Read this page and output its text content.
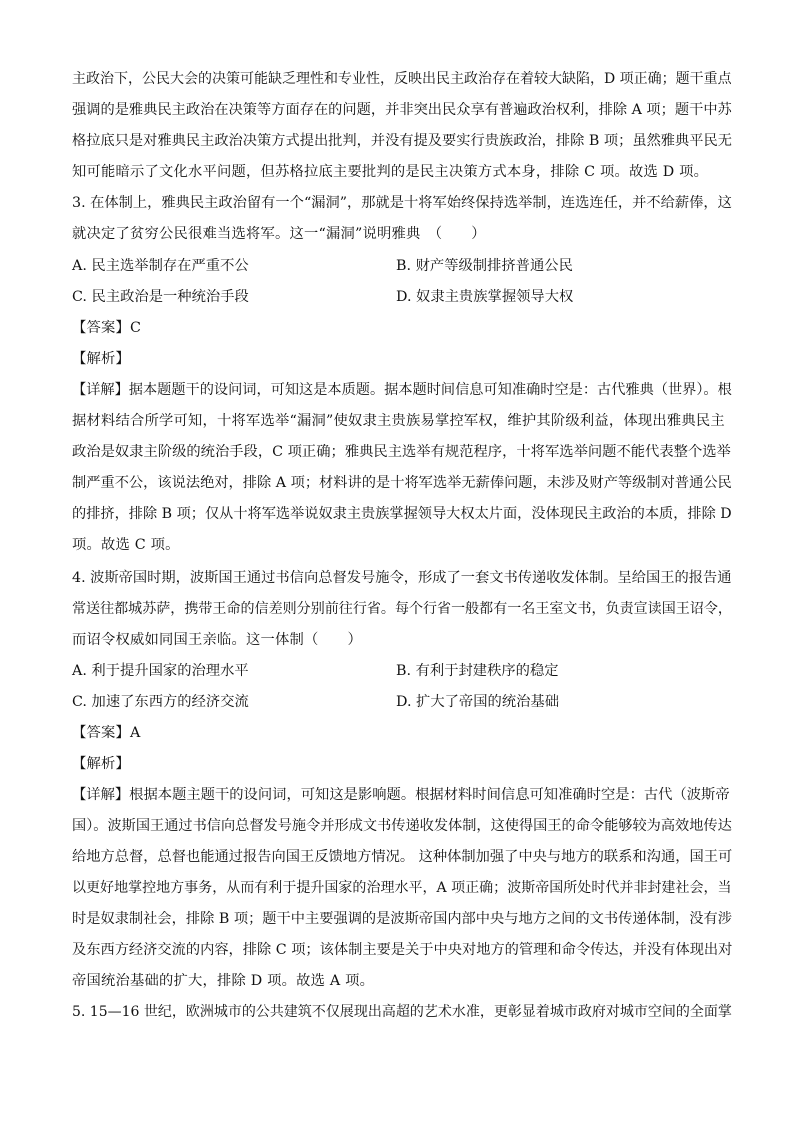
主政治下，公民大会的决策可能缺乏理性和专业性，反映出民主政治存在着较大缺陷，D 项正确；题干重点
强调的是雅典民主政治在决策等方面存在的问题，并非突出民众享有普遍政治权利，排除 A 项；题干中苏
格拉底只是对雅典民主政治决策方式提出批判，并没有提及要实行贵族政治，排除 B 项；虽然雅典平民无
知可能暗示了文化水平问题，但苏格拉底主要批判的是民主决策方式本身，排除 C 项。故选 D 项。
3. 在体制上，雅典民主政治留有一个“漏洞”，那就是十将军始终保持选举制，连选连任，并不给薪俸，这
就决定了贫穷公民很难当选将军。这一“漏洞”说明雅典　（　　）
A. 民主选举制存在严重不公	B. 财产等级制排挤普通公民
C. 民主政治是一种统治手段	D. 奴隶主贵族掌握领导大权
【答案】C
【解析】
【详解】据本题题干的设问词，可知这是本质题。据本题时间信息可知准确时空是：古代雅典（世界）。根
据材料结合所学可知，十将军选举“漏洞”使奴隶主贵族易掌控军权，维护其阶级利益，体现出雅典民主
政治是奴隶主阶级的统治手段，C 项正确；雅典民主选举有规范程序，十将军选举问题不能代表整个选举
制严重不公，该说法绝对，排除 A 项；材料讲的是十将军选举无薪俸问题，未涉及财产等级制对普通公民
的排挤，排除 B 项；仅从十将军选举说奴隶主贵族掌握领导大权太片面，没体现民主政治的本质，排除 D
项。故选 C 项。
4. 波斯帝国时期，波斯国王通过书信向总督发号施令，形成了一套文书传递收发体制。呈给国王的报告通
常送往都城苏萨，携带王命的信差则分别前往行省。每个行省一般都有一名王室文书，负责宣读国王诏令，
而诏令权威如同国王亲临。这一体制（　　）
A. 利于提升国家的治理水平	B. 有利于封建秩序的稳定
C. 加速了东西方的经济交流	D. 扩大了帝国的统治基础
【答案】A
【解析】
【详解】根据本题主题干的设问词，可知这是影响题。根据材料时间信息可知准确时空是：古代（波斯帝
国）。波斯国王通过书信向总督发号施令并形成文书传递收发体制，这使得国王的命令能够较为高效地传达
给地方总督，总督也能通过报告向国王反馈地方情况。 这种体制加强了中央与地方的联系和沟通，国王可
以更好地掌控地方事务，从而有利于提升国家的治理水平，A 项正确；波斯帝国所处时代并非封建社会，当
时是奴隶制社会，排除 B 项；题干中主要强调的是波斯帝国内部中央与地方之间的文书传递体制，没有涉
及东西方经济交流的内容，排除 C 项；该体制主要是关于中央对地方的管理和命令传达，并没有体现出对
帝国统治基础的扩大，排除 D 项。故选 A 项。
5. 15—16 世纪，欧洲城市的公共建筑不仅展现出高超的艺术水准，更彰显着城市政府对城市空间的全面掌
